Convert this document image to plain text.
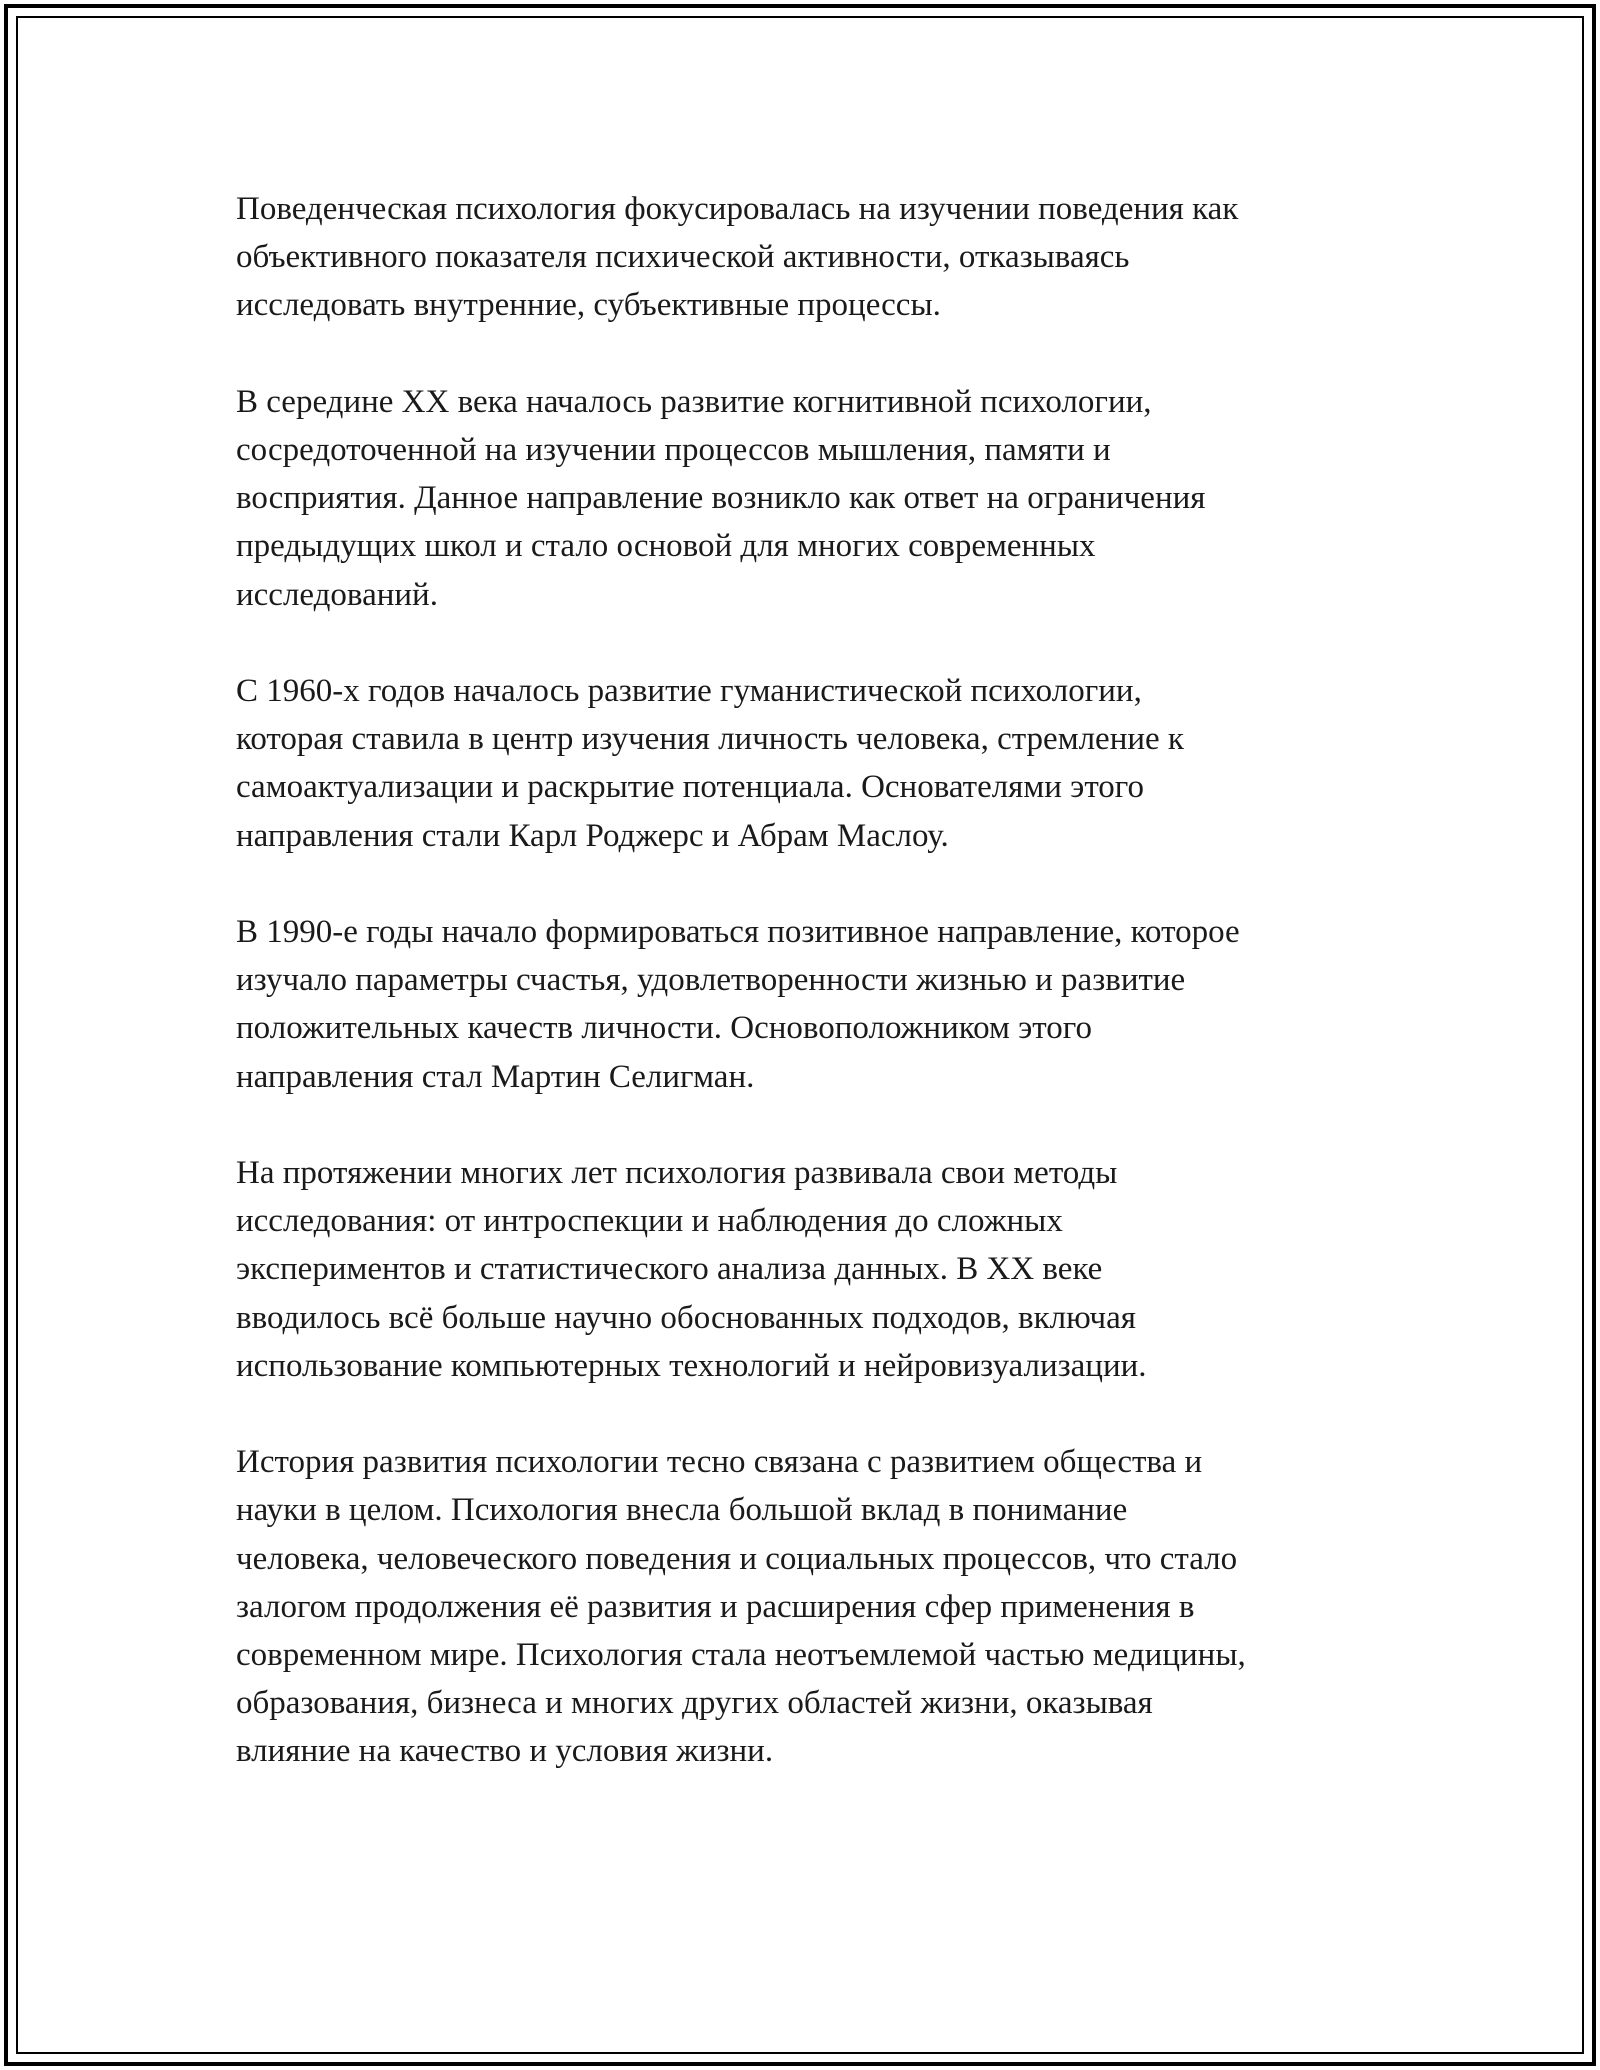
Поведенческая психология фокусировалась на изучении поведения как
объективного показателя психической активности, отказываясь
исследовать внутренние, субъективные процессы.

В середине XX века началось развитие когнитивной психологии,
сосредоточенной на изучении процессов мышления, памяти и
восприятия. Данное направление возникло как ответ на ограничения
предыдущих школ и стало основой для многих современных
исследований.

С 1960-х годов началось развитие гуманистической психологии,
которая ставила в центр изучения личность человека, стремление к
самоактуализации и раскрытие потенциала. Основателями этого
направления стали Карл Роджерс и Абрам Маслоу.

В 1990-е годы начало формироваться позитивное направление, которое
изучало параметры счастья, удовлетворенности жизнью и развитие
положительных качеств личности. Основоположником этого
направления стал Мартин Селигман.

На протяжении многих лет психология развивала свои методы
исследования: от интроспекции и наблюдения до сложных
экспериментов и статистического анализа данных. В XX веке
вводилось всё больше научно обоснованных подходов, включая
использование компьютерных технологий и нейровизуализации.

История развития психологии тесно связана с развитием общества и
науки в целом. Психология внесла большой вклад в понимание
человека, человеческого поведения и социальных процессов, что стало
залогом продолжения её развития и расширения сфер применения в
современном мире. Психология стала неотъемлемой частью медицины,
образования, бизнеса и многих других областей жизни, оказывая
влияние на качество и условия жизни.
